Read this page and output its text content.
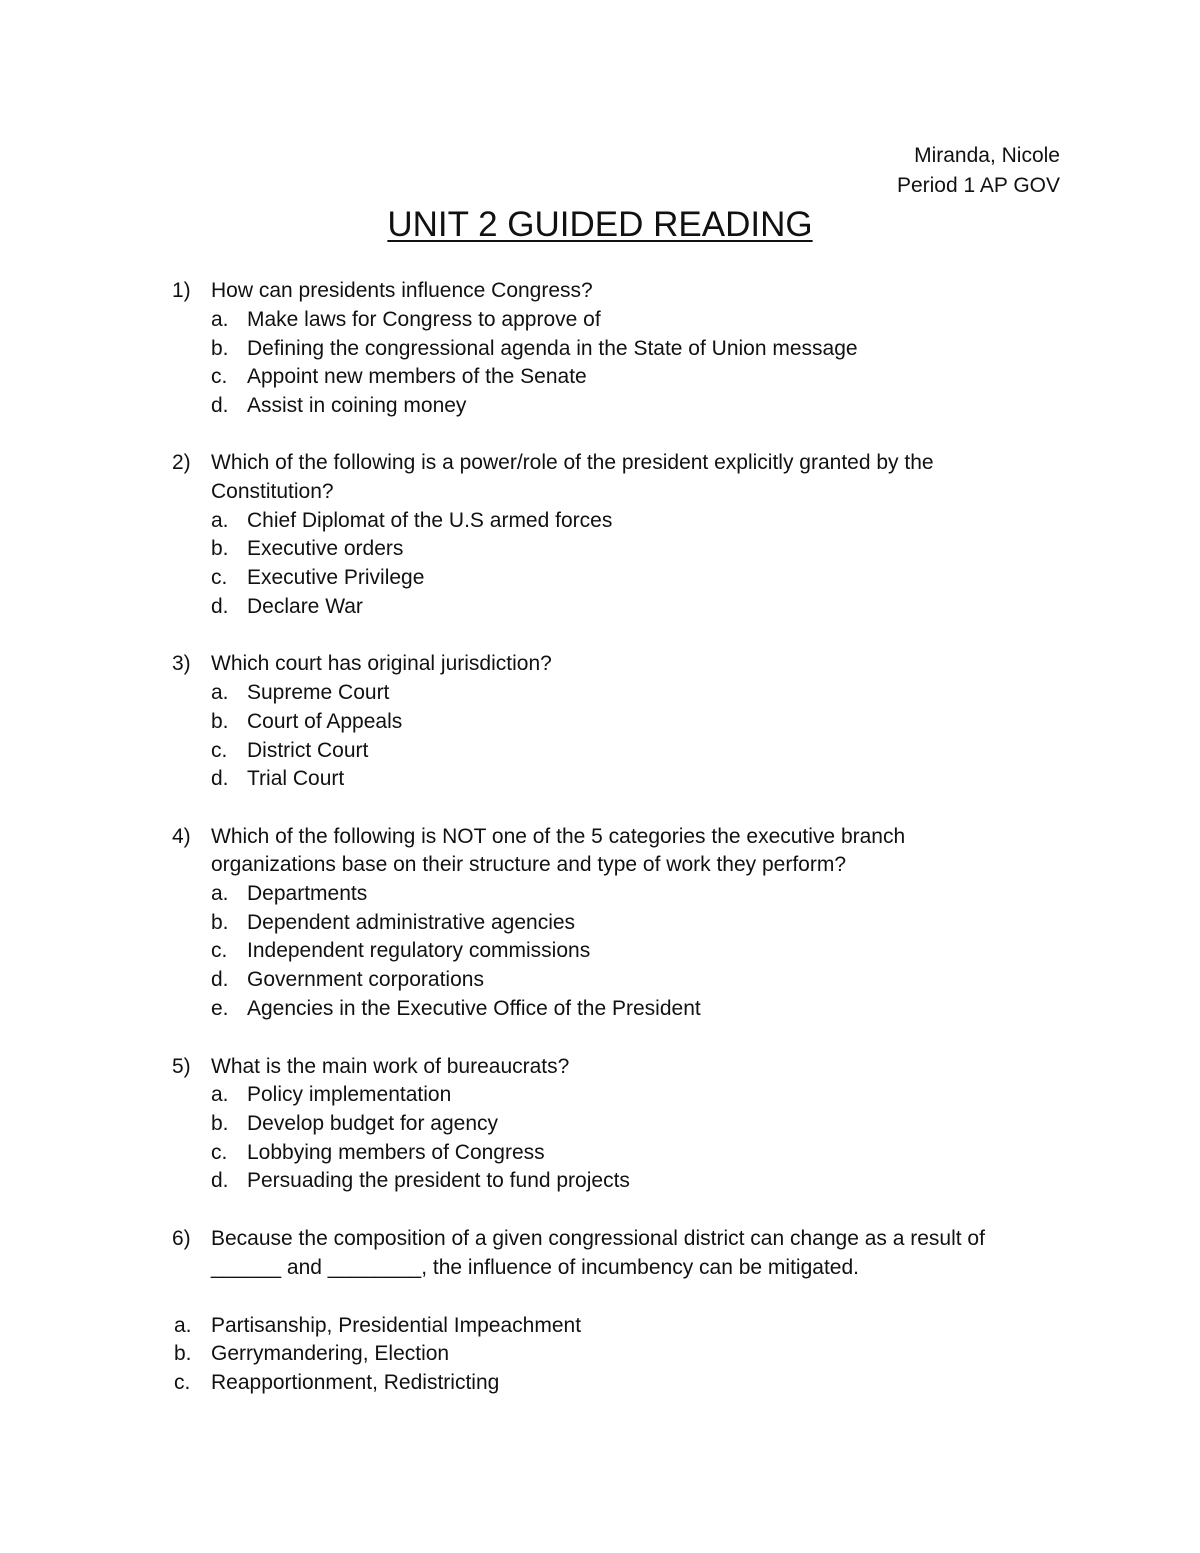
Miranda, Nicole
Period 1 AP GOV
UNIT 2 GUIDED READING
1) How can presidents influence Congress?
a. Make laws for Congress to approve of
b. Defining the congressional agenda in the State of Union message
c. Appoint new members of the Senate
d. Assist in coining money
2) Which of the following is a power/role of the president explicitly granted by the
Constitution?
a. Chief Diplomat of the U.S armed forces
b. Executive orders
c. Executive Privilege
d. Declare War
3) Which court has original jurisdiction?
a. Supreme Court
b. Court of Appeals
c. District Court
d. Trial Court
4) Which of the following is NOT one of the 5 categories the executive branch
organizations base on their structure and type of work they perform?
a. Departments
b. Dependent administrative agencies
c. Independent regulatory commissions
d. Government corporations
e. Agencies in the Executive Office of the President
5) What is the main work of bureaucrats?
a. Policy implementation
b. Develop budget for agency
c. Lobbying members of Congress
d. Persuading the president to fund projects
6) Because the composition of a given congressional district can change as a result of
______ and ________, the influence of incumbency can be mitigated.
a. Partisanship, Presidential Impeachment
b. Gerrymandering, Election
c. Reapportionment, Redistricting
